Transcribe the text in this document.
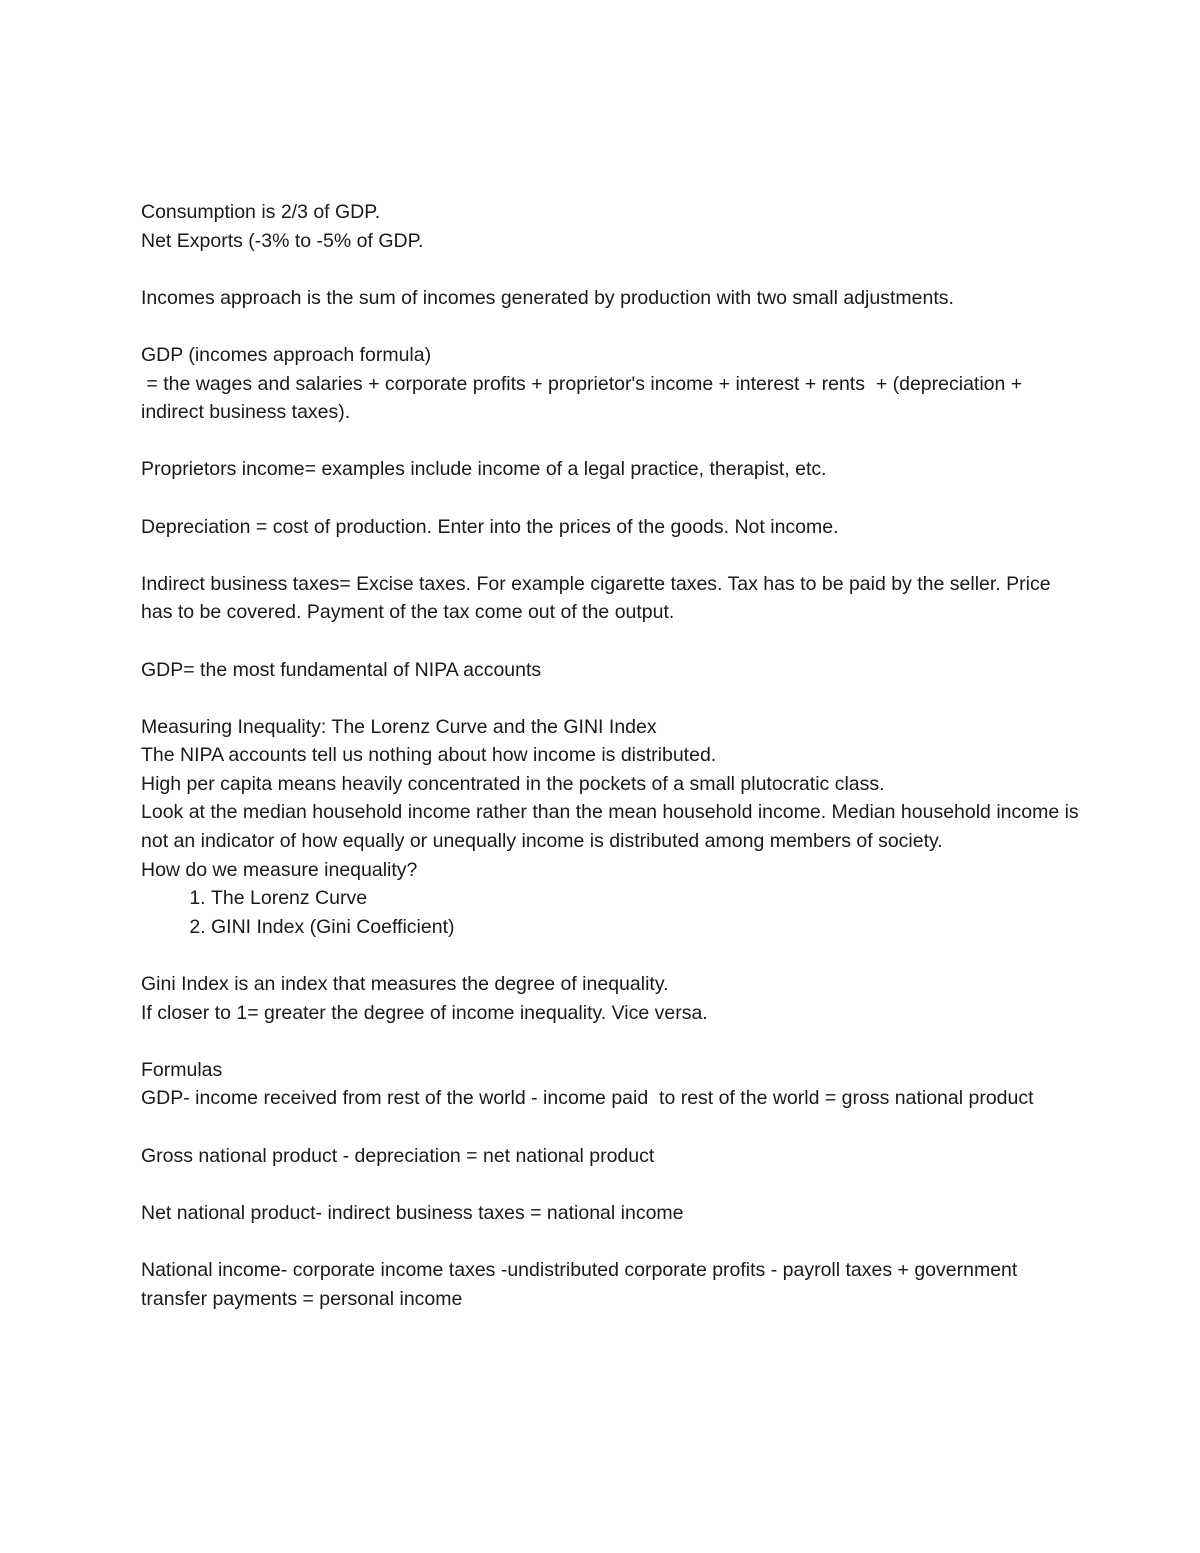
Consumption is 2/3 of GDP.

Net Exports (-3% to -5% of GDP.

Incomes approach is the sum of incomes generated by production with two small adjustments.

GDP (incomes approach formula)

= the wages and salaries + corporate profits + proprietor's income + interest + rents  + (depreciation + indirect business taxes).

Proprietors income= examples include income of a legal practice, therapist, etc.

Depreciation = cost of production. Enter into the prices of the goods. Not income.

Indirect business taxes= Excise taxes. For example cigarette taxes. Tax has to be paid by the seller. Price has to be covered. Payment of the tax come out of the output.

GDP= the most fundamental of NIPA accounts

Measuring Inequality: The Lorenz Curve and the GINI Index

The NIPA accounts tell us nothing about how income is distributed.

High per capita means heavily concentrated in the pockets of a small plutocratic class.

Look at the median household income rather than the mean household income. Median household income is not an indicator of how equally or unequally income is distributed among members of society.

How do we measure inequality?

1. The Lorenz Curve
2. GINI Index (Gini Coefficient)

Gini Index is an index that measures the degree of inequality.

If closer to 1= greater the degree of income inequality. Vice versa.

Formulas

GDP- income received from rest of the world - income paid  to rest of the world = gross national product

Gross national product - depreciation = net national product

Net national product- indirect business taxes = national income

National income- corporate income taxes -undistributed corporate profits - payroll taxes + government transfer payments = personal income
